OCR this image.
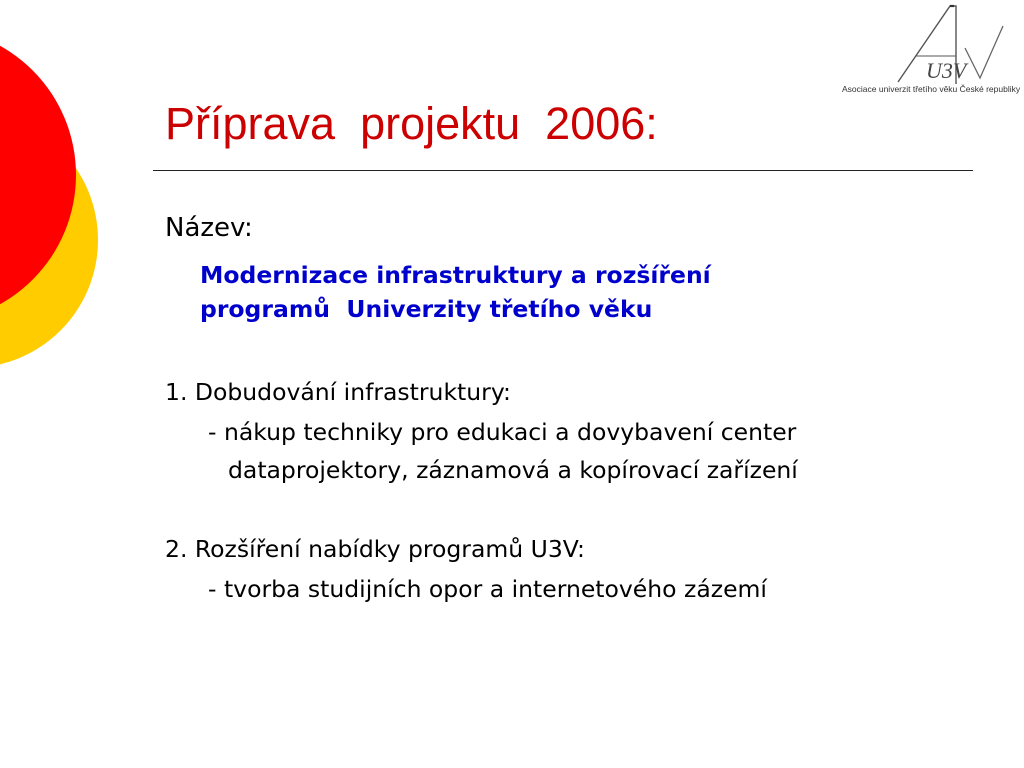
U3V
Asociace univerzit třetího věku České republiky
Příprava  projektu  2006:

Název:

Modernizace infrastruktury a rozšíření
programů  Univerzity třetího věku

1. Dobudování infrastruktury:

- nákup techniky pro edukaci a dovybavení center

dataprojektory, záznamová a kopírovací zařízení

2. Rozšíření nabídky programů U3V:

- tvorba studijních opor a internetového zázemí
